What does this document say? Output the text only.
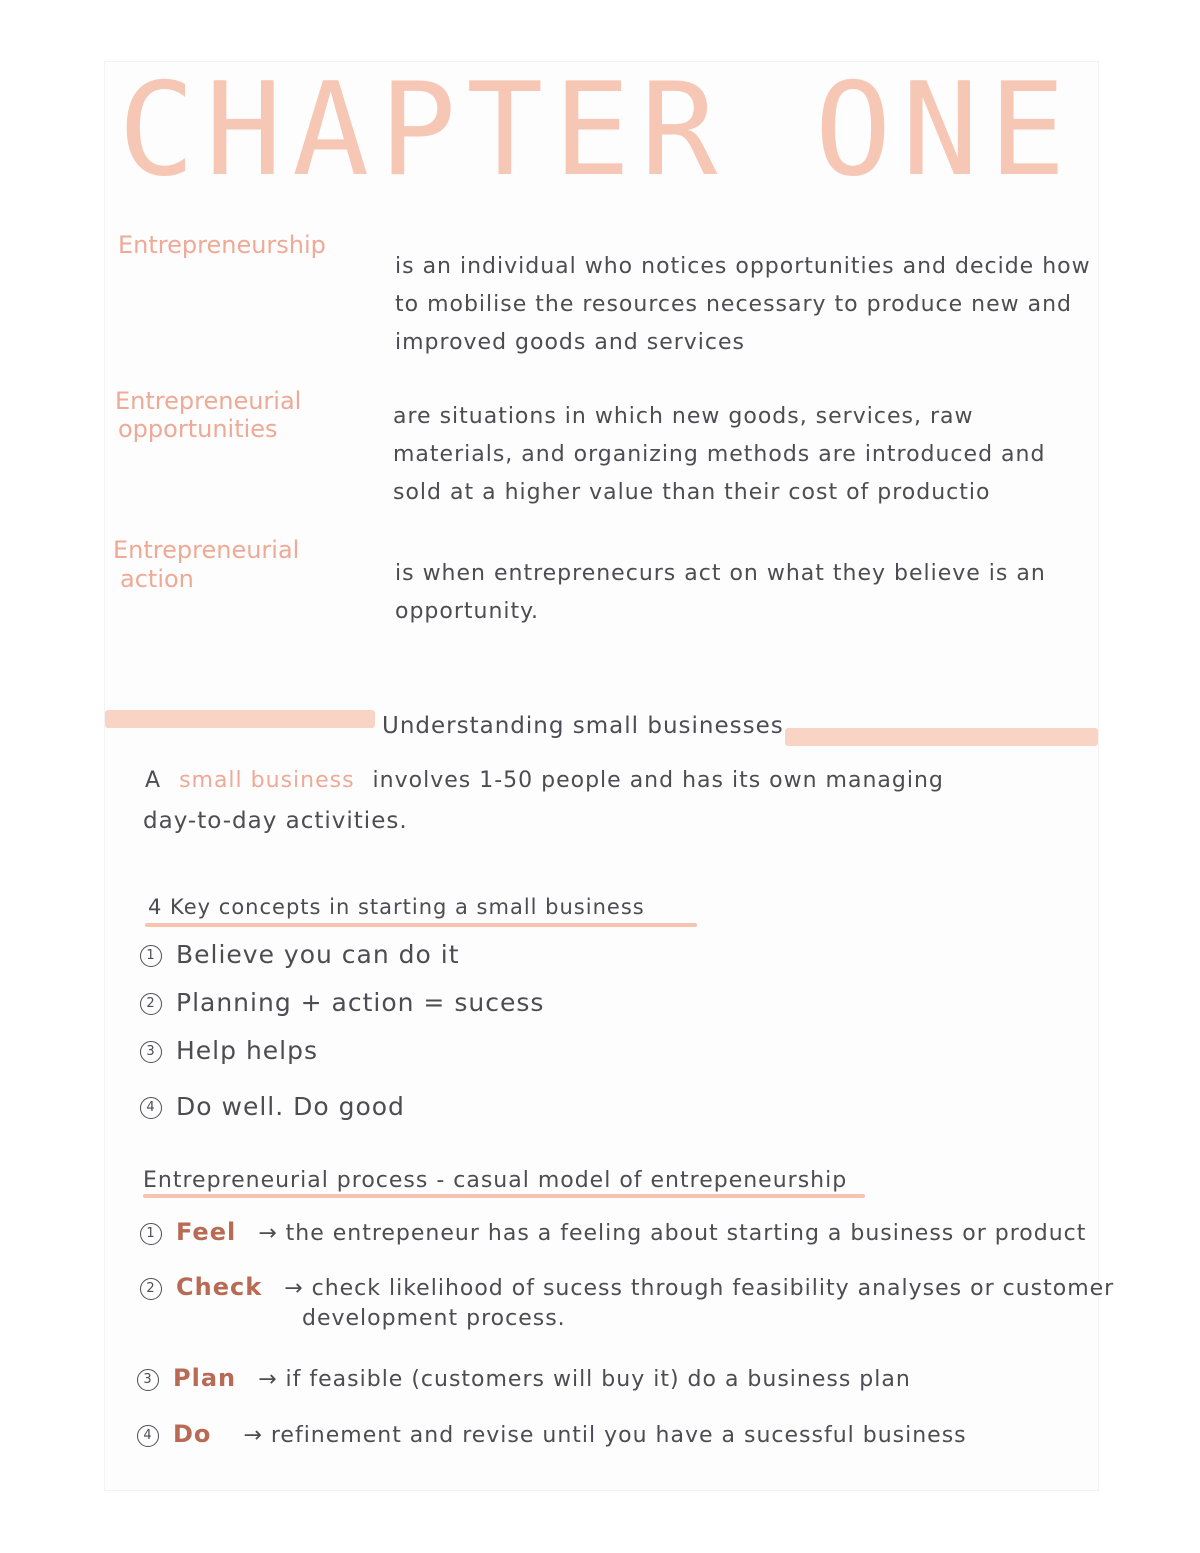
CHAPTER ONE
Entrepreneurship
is an individual who notices opportunities and decide how to mobilise the resources necessary to produce new and improved goods and services
Entrepreneurial
opportunities	are situations in which new goods, services, raw materials, and organizing methods are introduced and sold at a higher value than their cost of productio
Entrepreneurial
action	is when entreprenecurs act on what they believe is an opportunity.
Understanding small businesses
A small business involves 1-50 people and has its own managing
day-to-day activities.
4 Key concepts in starting a small business
1 Believe you can do it
2 Planning + action = sucess
3 Help helps
4 Do well. Do good
Entrepreneurial process - casual model of entrepeneurship
1 Feel → the entrepeneur has a feeling about starting a business or product
2 Check → check likelihood of sucess through feasibility analyses or customer
development process.
3 Plan → if feasible (customers will buy it) do a business plan
4 Do → refinement and revise until you have a sucessful business
